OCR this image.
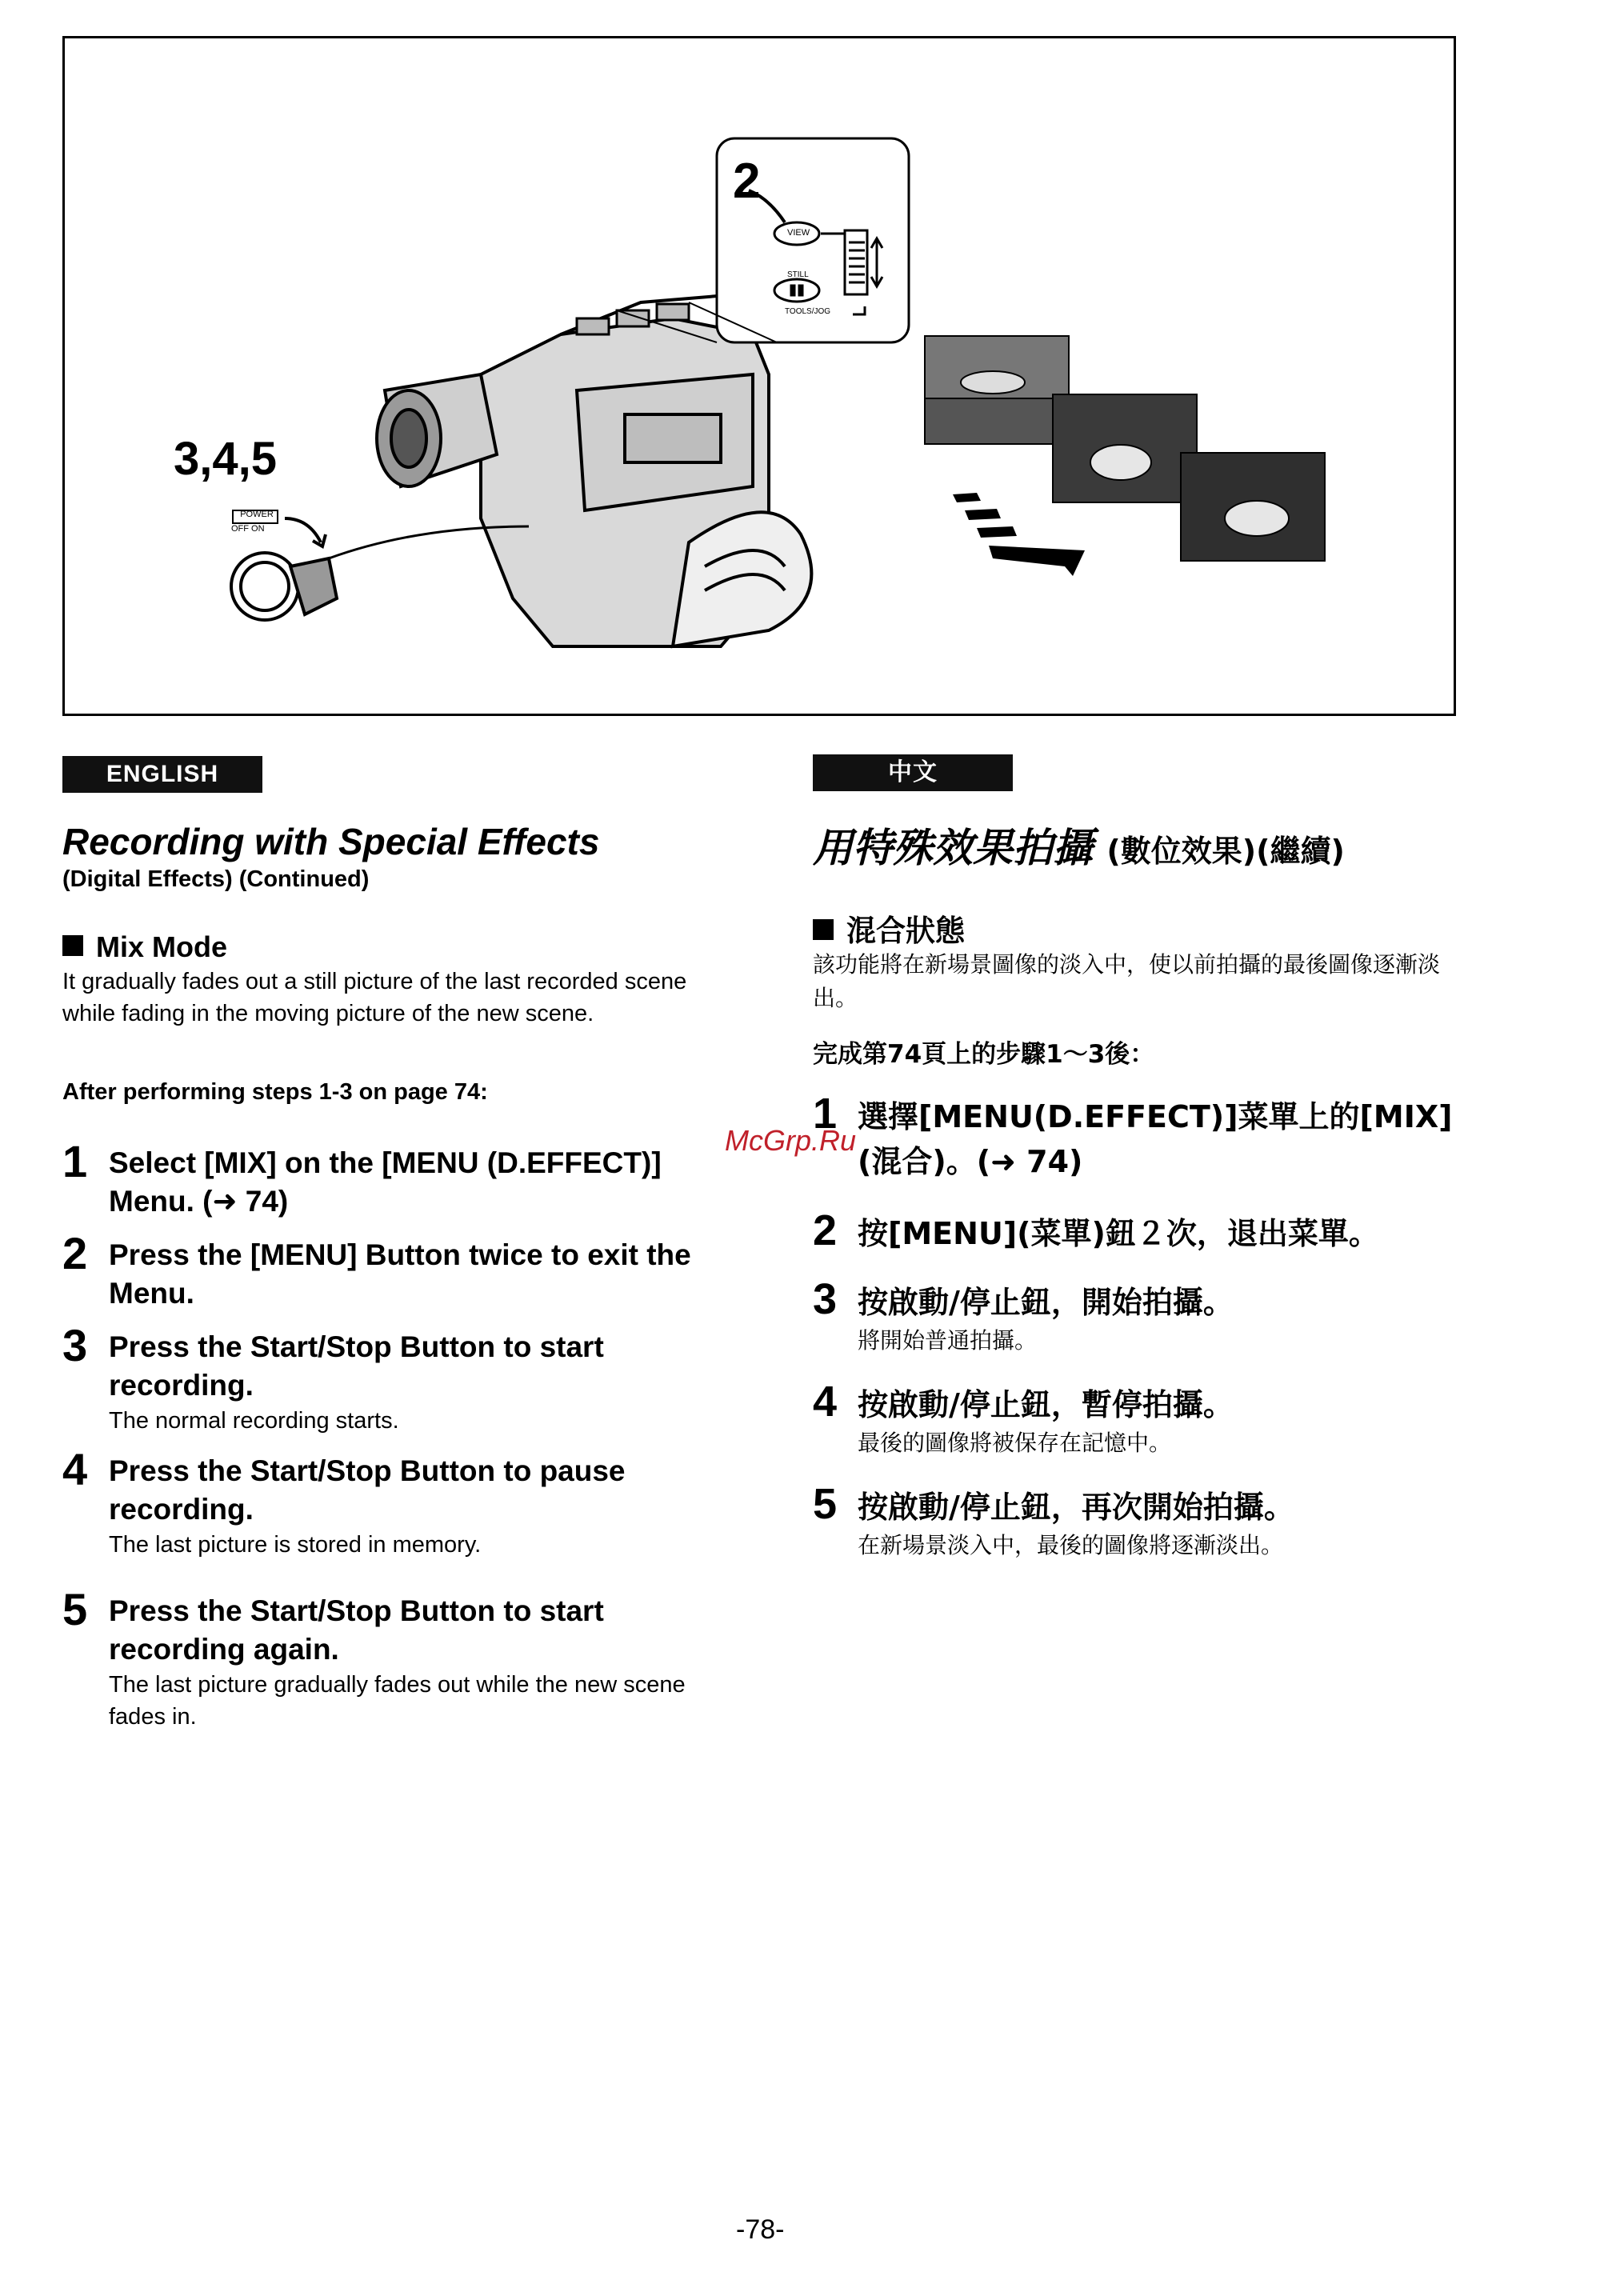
3,4,5
2
POWER
OFF ON
VIEW
STILL
TOOLS/JOG
ENGLISH
Recording with Special Effects
(Digital Effects) (Continued)
Mix Mode
It gradually fades out a still picture of the last recorded scene while fading in the moving picture of the new scene.
After performing steps 1-3 on page 74:
1 Select [MIX] on the [MENU (D.EFFECT)] Menu. (➜ 74)
2 Press the [MENU] Button twice to exit the Menu.
3 Press the Start/Stop Button to start recording.
The normal recording starts.
4 Press the Start/Stop Button to pause recording.
The last picture is stored in memory.
5 Press the Start/Stop Button to start recording again.
The last picture gradually fades out while the new scene fades in.
中文
用特殊效果拍攝 (數位效果)(繼續)
混合狀態
該功能將在新場景圖像的淡入中，使以前拍攝的最後圖像逐漸淡出。
完成第74頁上的步驟1～3後：
1 選擇[MENU(D.EFFECT)]菜單上的[MIX](混合)。(➜ 74)
2 按[MENU](菜單)鈕２次，退出菜單。
3 按啟動/停止鈕，開始拍攝。
將開始普通拍攝。
4 按啟動/停止鈕，暫停拍攝。
最後的圖像將被保存在記憶中。
5 按啟動/停止鈕，再次開始拍攝。
在新場景淡入中，最後的圖像將逐漸淡出。
McGrp.Ru
-78-
